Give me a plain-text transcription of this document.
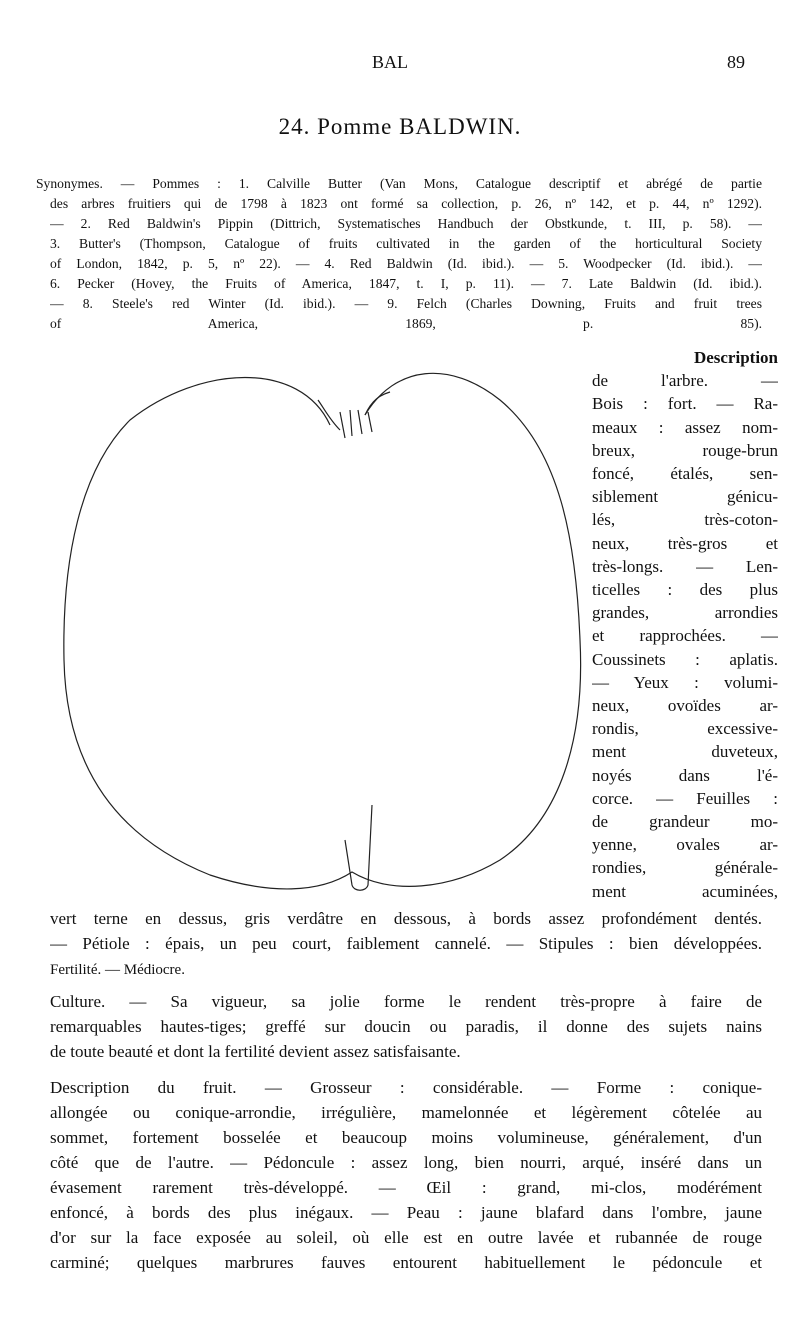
BAL	89
24. Pomme BALDWIN.
Synonymes. — Pommes : 1. Calville Butter (Van Mons, Catalogue descriptif et abrégé de partie
des arbres fruitiers qui de 1798 à 1823 ont formé sa collection, p. 26, nº 142, et p. 44, nº 1292).
— 2. Red Baldwin's Pippin (Dittrich, Systematisches Handbuch der Obstkunde, t. III, p. 58). —
3. Butter's (Thompson, Catalogue of fruits cultivated in the garden of the horticultural Society
of London, 1842, p. 5, nº 22). — 4. Red Baldwin (Id. ibid.). — 5. Woodpecker (Id. ibid.). —
6. Pecker (Hovey, the Fruits of America, 1847, t. I, p. 11). — 7. Late Baldwin (Id. ibid.).
— 8. Steele's red Winter (Id. ibid.). — 9. Felch (Charles Downing, Fruits and fruit trees
of America, 1869, p. 85).
Description
de l'arbre. —
Bois : fort. — Ra-
meaux : assez nom-
breux, rouge-brun
foncé, étalés, sen-
siblement génicu-
lés, très-coton-
neux, très-gros et
très-longs. — Len-
ticelles : des plus
grandes, arrondies
et rapprochées. —
Coussinets : aplatis.
— Yeux : volumi-
neux, ovoïdes ar-
rondis, excessive-
ment duveteux,
noyés dans l'é-
corce. — Feuilles :
de grandeur mo-
yenne, ovales ar-
rondies, générale-
ment acuminées,
vert terne en dessus, gris verdâtre en dessous, à bords assez profondément dentés.
— Pétiole : épais, un peu court, faiblement cannelé. — Stipules : bien développées.
Fertilité. — Médiocre.
Culture. — Sa vigueur, sa jolie forme le rendent très-propre à faire de
remarquables hautes-tiges; greffé sur doucin ou paradis, il donne des sujets nains
de toute beauté et dont la fertilité devient assez satisfaisante.
Description du fruit. — Grosseur : considérable. — Forme : conique-
allongée ou conique-arrondie, irrégulière, mamelonnée et légèrement côtelée au
sommet, fortement bosselée et beaucoup moins volumineuse, généralement, d'un
côté que de l'autre. — Pédoncule : assez long, bien nourri, arqué, inséré dans un
évasement rarement très-développé. — Œil : grand, mi-clos, modérément
enfoncé, à bords des plus inégaux. — Peau : jaune blafard dans l'ombre, jaune
d'or sur la face exposée au soleil, où elle est en outre lavée et rubannée de rouge
carminé; quelques marbrures fauves entourent habituellement le pédoncule et
